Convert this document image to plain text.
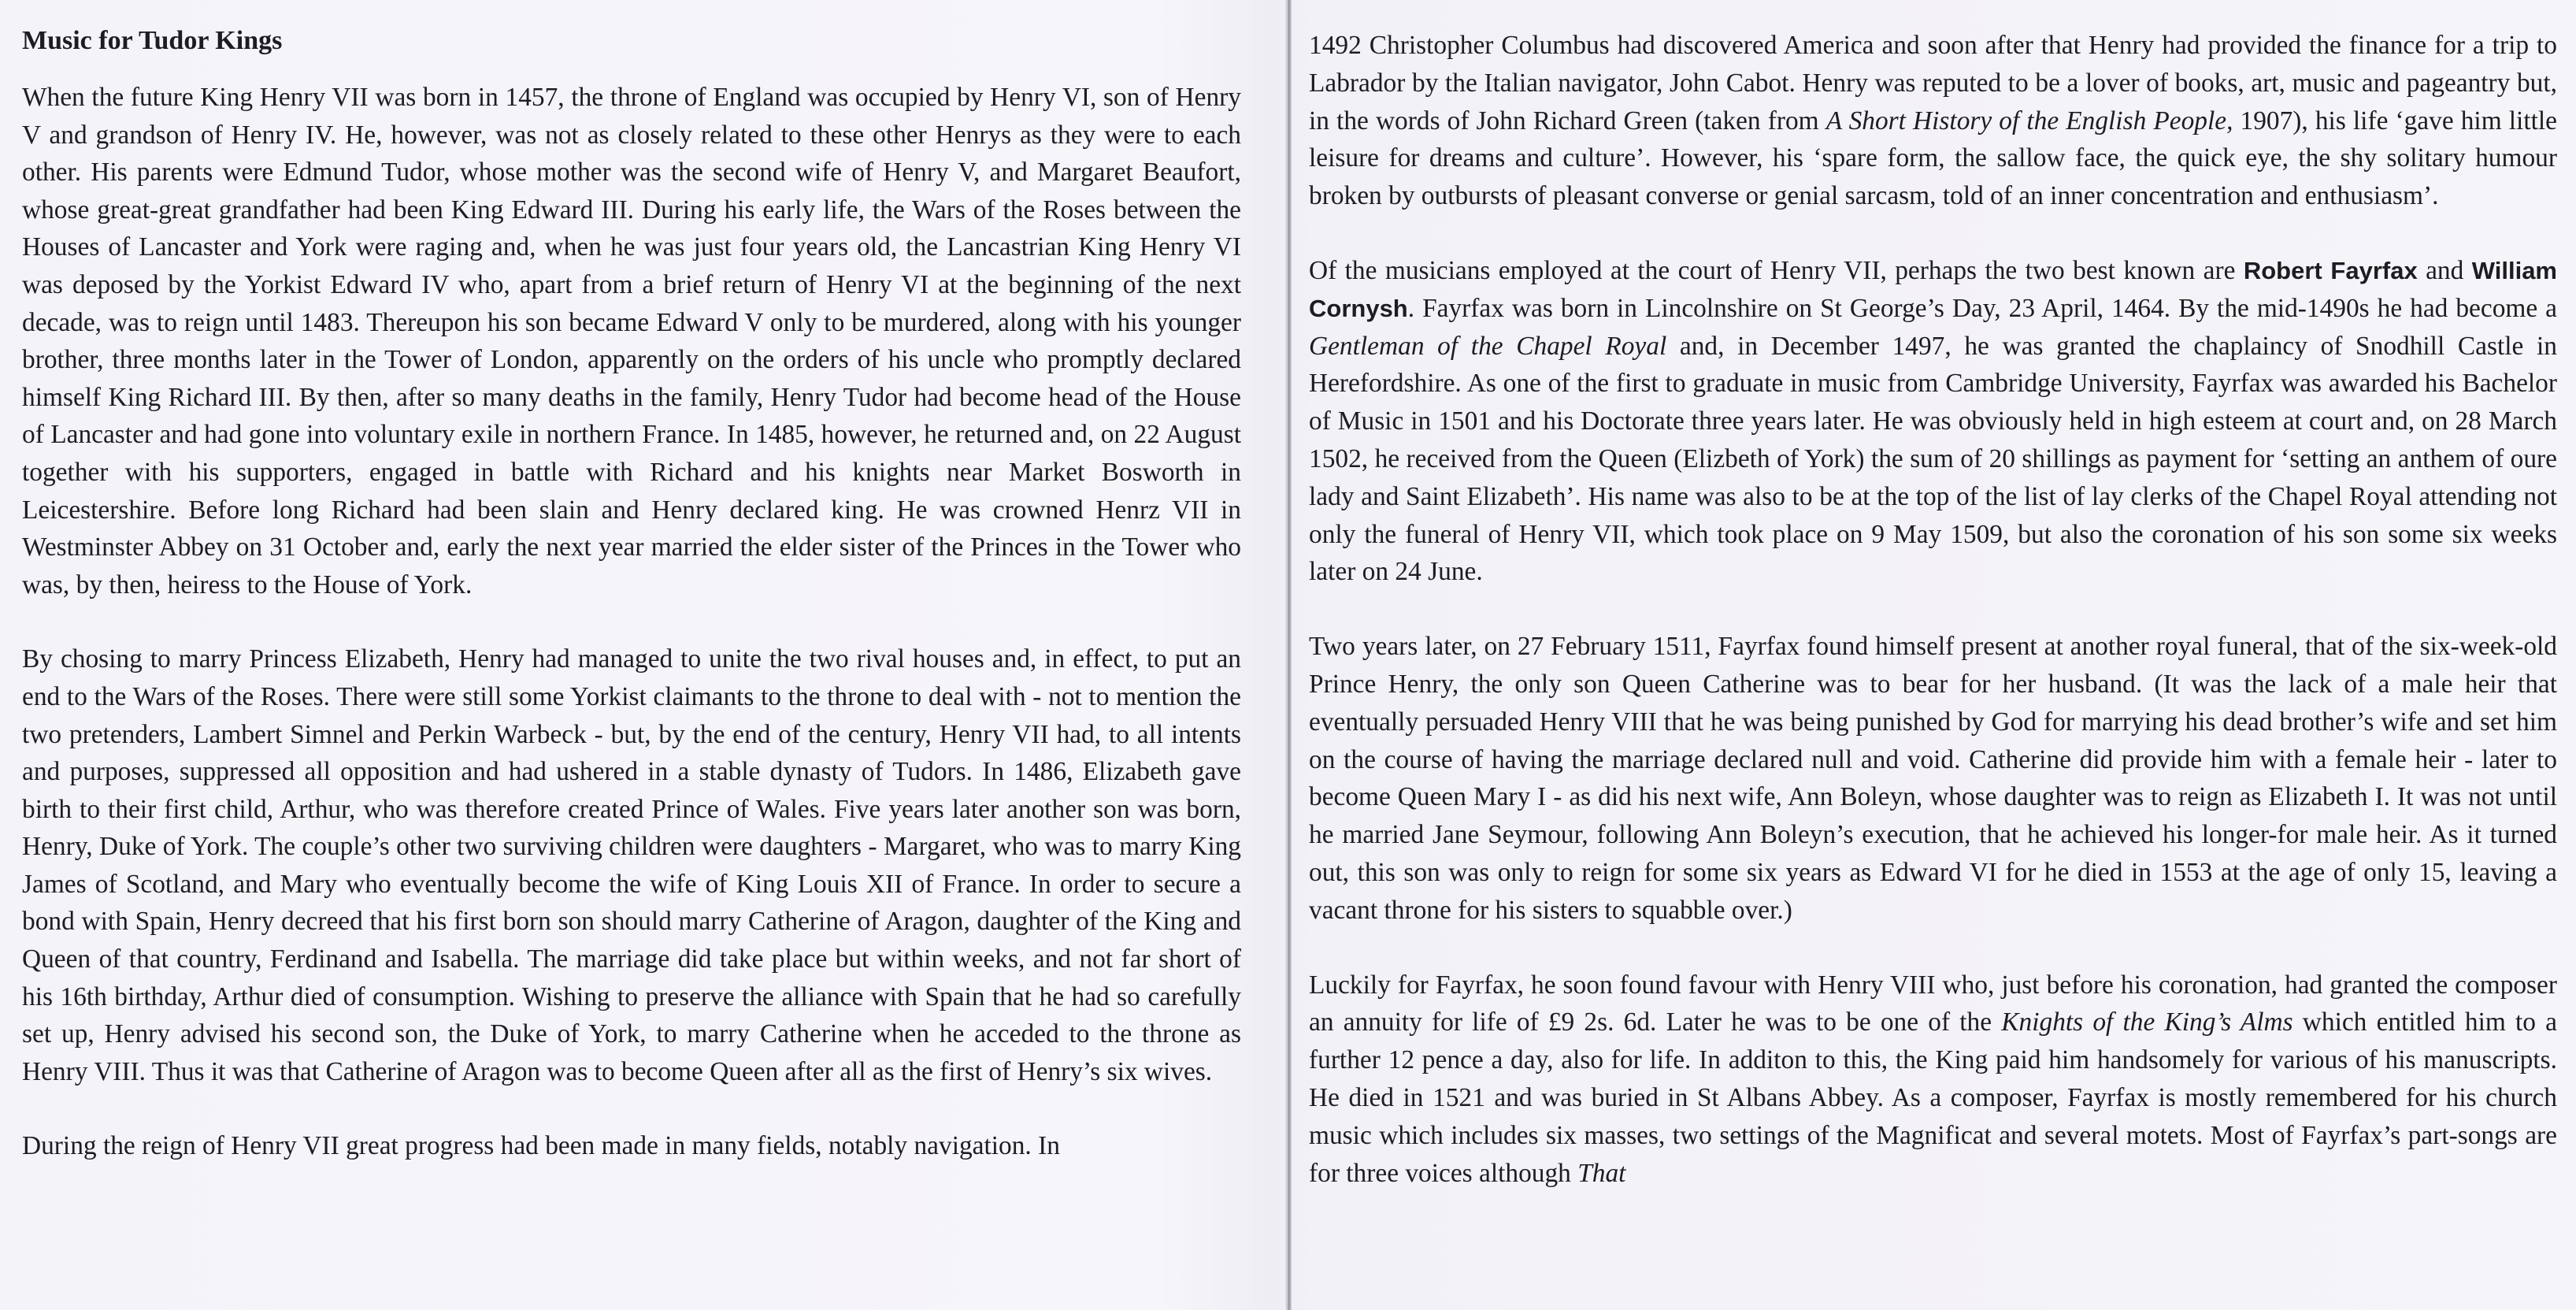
Music for Tudor Kings

When the future King Henry VII was born in 1457, the throne of England was occupied by Henry VI, son of Henry V and grandson of Henry IV. He, however, was not as closely related to these other Henrys as they were to each other. His parents were Edmund Tudor, whose mother was the second wife of Henry V, and Margaret Beaufort, whose great-great grandfather had been King Edward III. During his early life, the Wars of the Roses between the Houses of Lancaster and York were raging and, when he was just four years old, the Lancastrian King Henry VI was deposed by the Yorkist Edward IV who, apart from a brief return of Henry VI at the beginning of the next decade, was to reign until 1483. Thereupon his son became Edward V only to be murdered, along with his younger brother, three months later in the Tower of London, apparently on the orders of his uncle who promptly declared himself King Richard III. By then, after so many deaths in the family, Henry Tudor had become head of the House of Lancaster and had gone into voluntary exile in northern France. In 1485, however, he returned and, on 22 August together with his supporters, engaged in battle with Richard and his knights near Market Bosworth in Leicestershire. Before long Richard had been slain and Henry declared king. He was crowned Henrz VII in Westminster Abbey on 31 October and, early the next year married the elder sister of the Princes in the Tower who was, by then, heiress to the House of York.

By chosing to marry Princess Elizabeth, Henry had managed to unite the two rival houses and, in effect, to put an end to the Wars of the Roses. There were still some Yorkist claimants to the throne to deal with - not to mention the two pretenders, Lambert Simnel and Perkin Warbeck - but, by the end of the century, Henry VII had, to all intents and purposes, suppressed all opposition and had ushered in a stable dynasty of Tudors. In 1486, Elizabeth gave birth to their first child, Arthur, who was therefore created Prince of Wales. Five years later another son was born, Henry, Duke of York. The couple’s other two surviving children were daughters - Margaret, who was to marry King James of Scotland, and Mary who eventually become the wife of King Louis XII of France. In order to secure a bond with Spain, Henry decreed that his first born son should marry Catherine of Aragon, daughter of the King and Queen of that country, Ferdinand and Isabella. The marriage did take place but within weeks, and not far short of his 16th birthday, Arthur died of consumption. Wishing to preserve the alliance with Spain that he had so carefully set up, Henry advised his second son, the Duke of York, to marry Catherine when he acceded to the throne as Henry VIII. Thus it was that Catherine of Aragon was to become Queen after all as the first of Henry’s six wives.

During the reign of Henry VII great progress had been made in many fields, notably navigation. In

1492 Christopher Columbus had discovered America and soon after that Henry had provided the finance for a trip to Labrador by the Italian navigator, John Cabot. Henry was reputed to be a lover of books, art, music and pageantry but, in the words of John Richard Green (taken from A Short History of the English People, 1907), his life ‘gave him little leisure for dreams and culture’. However, his ‘spare form, the sallow face, the quick eye, the shy solitary humour broken by outbursts of pleasant converse or genial sarcasm, told of an inner concentration and enthusiasm’.

Of the musicians employed at the court of Henry VII, perhaps the two best known are Robert Fayrfax and William Cornysh. Fayrfax was born in Lincolnshire on St George’s Day, 23 April, 1464. By the mid-1490s he had become a Gentleman of the Chapel Royal and, in December 1497, he was granted the chaplaincy of Snodhill Castle in Herefordshire. As one of the first to graduate in music from Cambridge University, Fayrfax was awarded his Bachelor of Music in 1501 and his Doctorate three years later. He was obviously held in high esteem at court and, on 28 March 1502, he received from the Queen (Elizbeth of York) the sum of 20 shillings as payment for ‘setting an anthem of oure lady and Saint Elizabeth’. His name was also to be at the top of the list of lay clerks of the Chapel Royal attending not only the funeral of Henry VII, which took place on 9 May 1509, but also the coronation of his son some six weeks later on 24 June.

Two years later, on 27 February 1511, Fayrfax found himself present at another royal funeral, that of the six-week-old Prince Henry, the only son Queen Catherine was to bear for her husband. (It was the lack of a male heir that eventually persuaded Henry VIII that he was being punished by God for marrying his dead brother’s wife and set him on the course of having the marriage declared null and void. Catherine did provide him with a female heir - later to become Queen Mary I - as did his next wife, Ann Boleyn, whose daughter was to reign as Elizabeth I. It was not until he married Jane Seymour, following Ann Boleyn’s execution, that he achieved his longer-for male heir. As it turned out, this son was only to reign for some six years as Edward VI for he died in 1553 at the age of only 15, leaving a vacant throne for his sisters to squabble over.)

Luckily for Fayrfax, he soon found favour with Henry VIII who, just before his coronation, had granted the composer an annuity for life of £9 2s. 6d. Later he was to be one of the Knights of the King’s Alms which entitled him to a further 12 pence a day, also for life. In additon to this, the King paid him handsomely for various of his manuscripts. He died in 1521 and was buried in St Albans Abbey. As a composer, Fayrfax is mostly remembered for his church music which includes six masses, two settings of the Magnificat and several motets. Most of Fayrfax’s part-songs are for three voices although That
